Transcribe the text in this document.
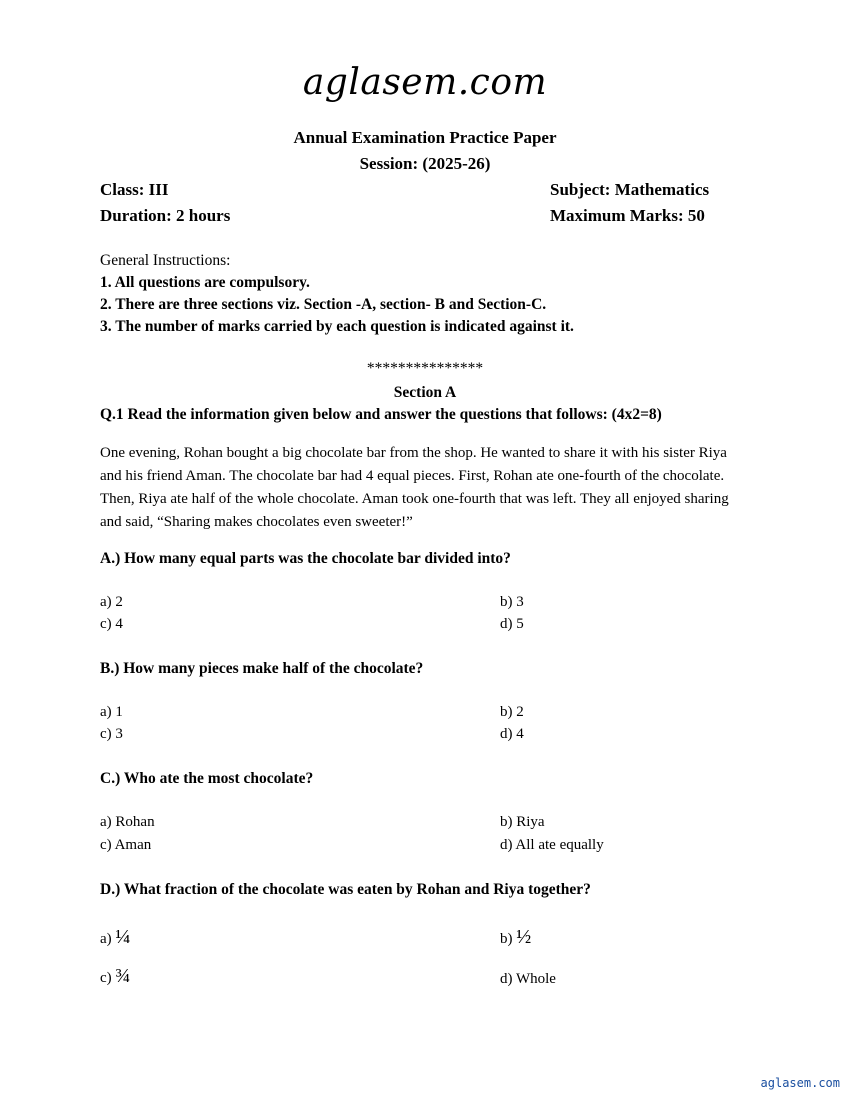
aglasem.com
Annual Examination Practice Paper
Session: (2025-26)
Class: III	Subject: Mathematics
Duration: 2 hours	Maximum Marks: 50
General Instructions:
1. All questions are compulsory.
2. There are three sections viz. Section -A, section- B and Section-C.
3. The number of marks carried by each question is indicated against it.
***************
Section A
Q.1 Read the information given below and answer the questions that follows: (4x2=8)
One evening, Rohan bought a big chocolate bar from the shop. He wanted to share it with his sister Riya and his friend Aman. The chocolate bar had 4 equal pieces. First, Rohan ate one-fourth of the chocolate. Then, Riya ate half of the whole chocolate. Aman took one-fourth that was left. They all enjoyed sharing and said, “Sharing makes chocolates even sweeter!”
A.) How many equal parts was the chocolate bar divided into?
a) 2	b) 3
c) 4	d) 5
B.) How many pieces make half of the chocolate?
a) 1	b) 2
c) 3	d) 4
C.) Who ate the most chocolate?
a) Rohan	b) Riya
c) Aman	d) All ate equally
D.) What fraction of the chocolate was eaten by Rohan and Riya together?
a) ¼	b) ½
c) ¾	d) Whole
aglasem.com
